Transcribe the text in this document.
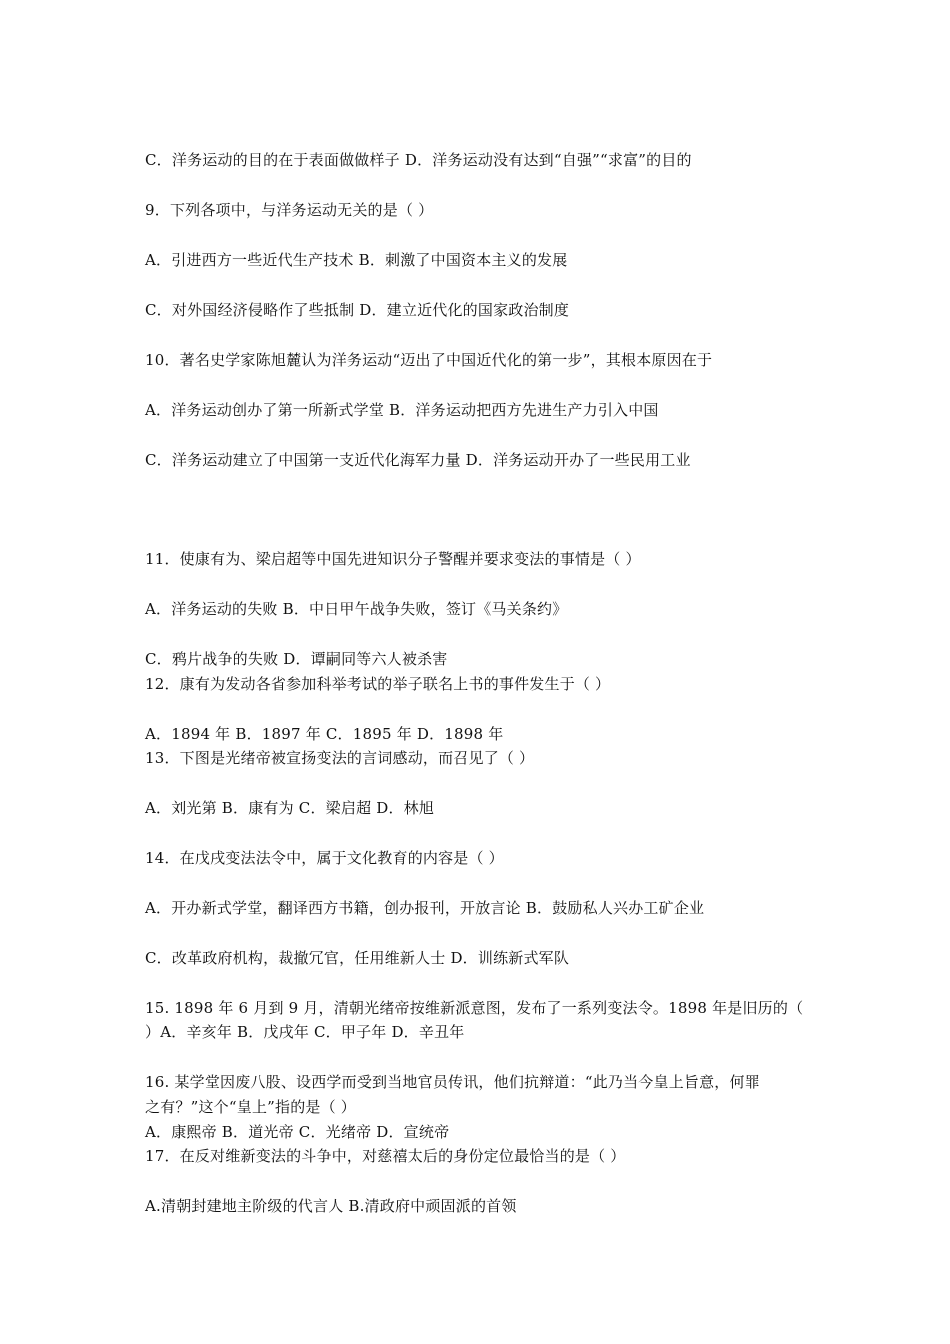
C．洋务运动的目的在于表面做做样子 D．洋务运动没有达到“自强”“求富”的目的
9．下列各项中，与洋务运动无关的是（ ）
A．引进西方一些近代生产技术 B．刺激了中国资本主义的发展
C．对外国经济侵略作了些抵制 D．建立近代化的国家政治制度
10．著名史学家陈旭麓认为洋务运动“迈出了中国近代化的第一步”，其根本原因在于
A．洋务运动创办了第一所新式学堂 B．洋务运动把西方先进生产力引入中国
C．洋务运动建立了中国第一支近代化海军力量 D．洋务运动开办了一些民用工业
11．使康有为、梁启超等中国先进知识分子警醒并要求变法的事情是（ ）
A．洋务运动的失败 B．中日甲午战争失败，签订《马关条约》
C．鸦片战争的失败 D．谭嗣同等六人被杀害
12．康有为发动各省参加科举考试的举子联名上书的事件发生于（ ）
A．1894 年 B．1897 年 C．1895 年 D．1898 年
13．下图是光绪帝被宣扬变法的言词感动，而召见了（ ）
A．刘光第 B．康有为 C．梁启超 D．林旭
14．在戊戌变法法令中，属于文化教育的内容是（ ）
A．开办新式学堂，翻译西方书籍，创办报刊，开放言论 B．鼓励私人兴办工矿企业
C．改革政府机构，裁撤冗官，任用维新人士 D．训练新式军队
15. 1898 年 6 月到 9 月，清朝光绪帝按维新派意图，发布了一系列变法令。1898 年是旧历的（
）A．辛亥年 B．戊戌年 C．甲子年 D．辛丑年
16. 某学堂因废八股、设西学而受到当地官员传讯，他们抗辩道：“此乃当今皇上旨意，何罪
之有？”这个“皇上”指的是（ ）
A．康熙帝 B．道光帝 C．光绪帝 D．宣统帝
17．在反对维新变法的斗争中，对慈禧太后的身份定位最恰当的是（ ）
A.清朝封建地主阶级的代言人 B.清政府中顽固派的首领
